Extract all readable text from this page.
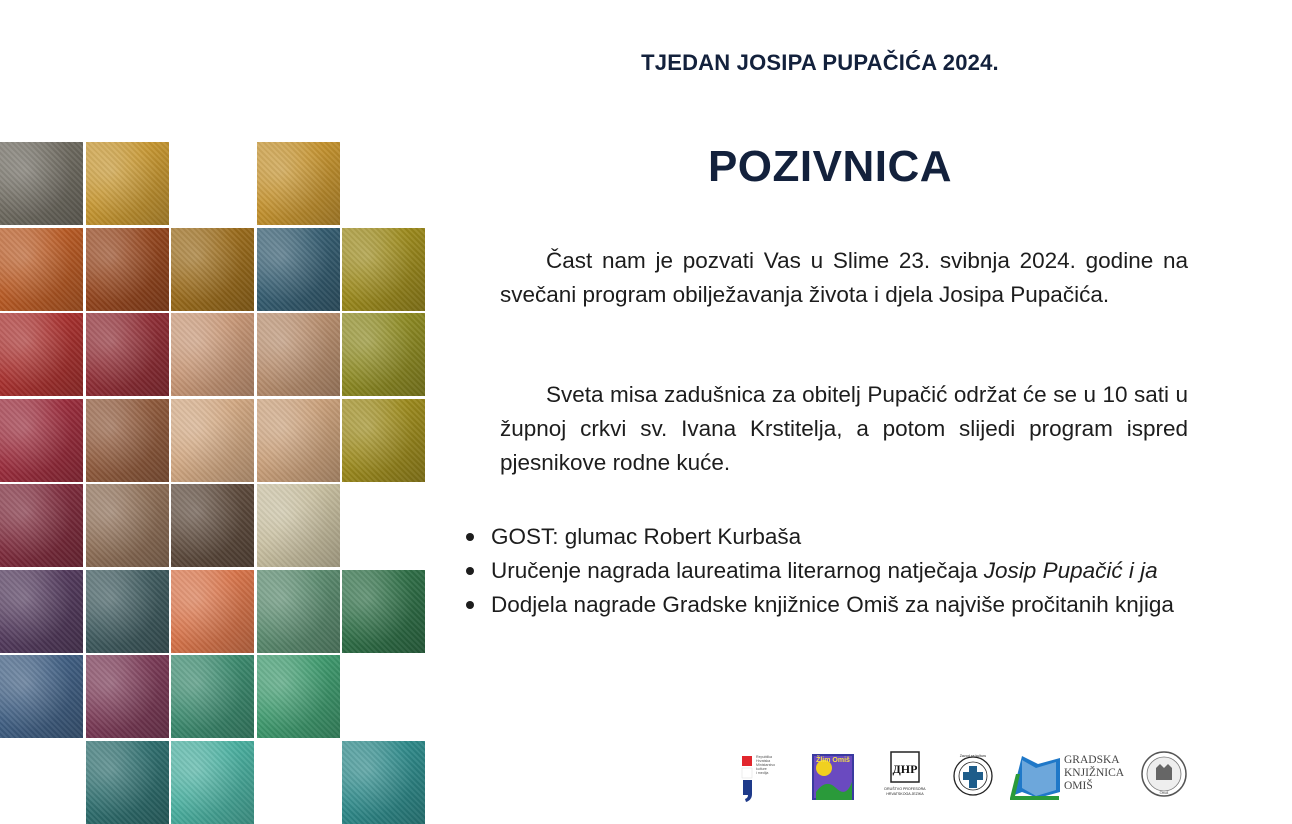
TJEDAN JOSIPA PUPAČIĆA 2024.
POZIVNICA
Čast nam je pozvati Vas u Slime 23. svibnja 2024. godine na svečani program obilježavanja života i djela Josipa Pupačića.
Sveta misa zadušnica za obitelj Pupačić održat će se u 10 sati u župnoj crkvi sv. Ivana Krstitelja, a potom slijedi program ispred pjesnikove rodne kuće.
GOST: glumac Robert Kurbaša
Uručenje nagrada laureatima literarnog natječaja Josip Pupačić i ja
Dodjela nagrade Gradske knjižnice Omiš za najviše pročitanih knjiga
Republika
Hrvatska
Ministarstvo
kulture
i medija
Žlim Omiš
ДHP
DRUŠTVO PROFESORA
HRVATSKOGA JEZIKA
Zavod za kulturu	GRADSKA
KNJIŽNICA
OMIŠ
Omiš
